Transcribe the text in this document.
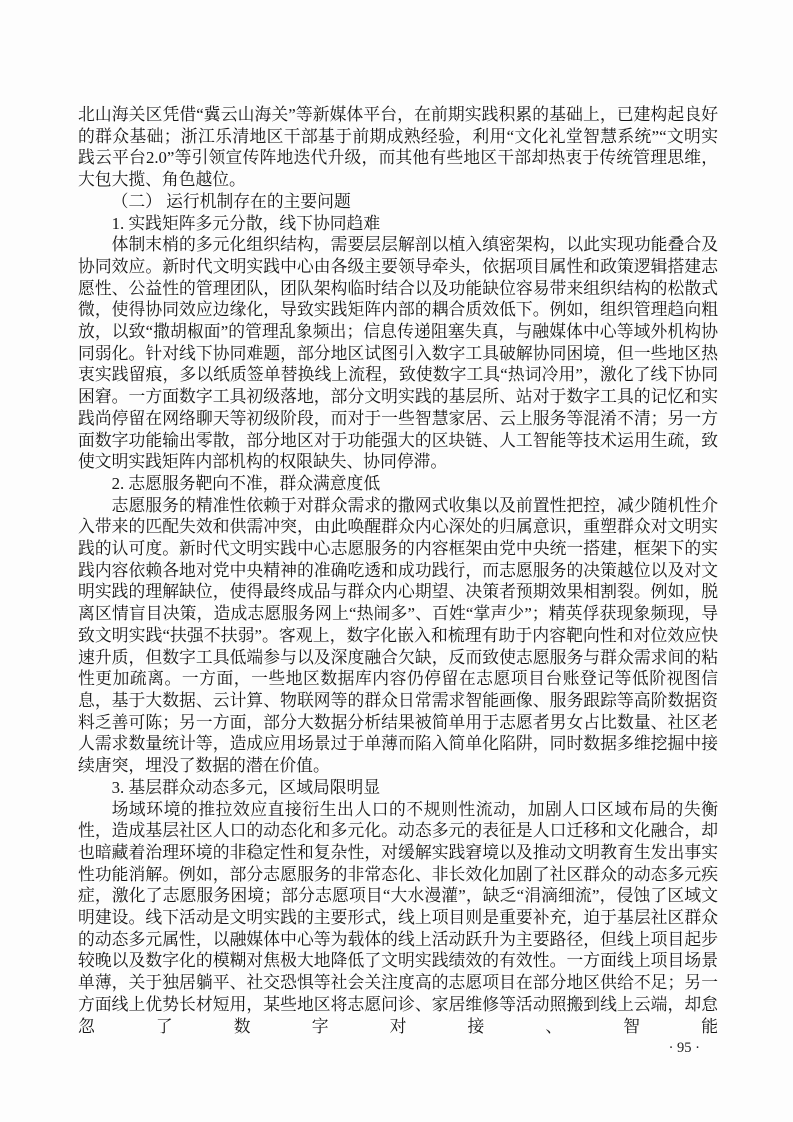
北山海关区凭借“冀云山海关”等新媒体平台，在前期实践积累的基础上，已建构起良好的群众基础；浙江乐清地区干部基于前期成熟经验，利用“文化礼堂智慧系统”“文明实践云平台2.0”等引领宣传阵地迭代升级，而其他有些地区干部却热衷于传统管理思维，大包大揽、角色越位。

（二） 运行机制存在的主要问题

1. 实践矩阵多元分散，线下协同趋难

体制末梢的多元化组织结构，需要层层解剖以植入缜密架构，以此实现功能叠合及协同效应。新时代文明实践中心由各级主要领导牵头，依据项目属性和政策逻辑搭建志愿性、公益性的管理团队，团队架构临时结合以及功能缺位容易带来组织结构的松散式微，使得协同效应边缘化，导致实践矩阵内部的耦合质效低下。例如，组织管理趋向粗放，以致“撒胡椒面”的管理乱象频出；信息传递阻塞失真，与融媒体中心等域外机构协同弱化。针对线下协同难题，部分地区试图引入数字工具破解协同困境，但一些地区热衷实践留痕，多以纸质签单替换线上流程，致使数字工具“热词冷用”，激化了线下协同困窘。一方面数字工具初级落地，部分文明实践的基层所、站对于数字工具的记忆和实践尚停留在网络聊天等初级阶段，而对于一些智慧家居、云上服务等混淆不清；另一方面数字功能输出零散，部分地区对于功能强大的区块链、人工智能等技术运用生疏，致使文明实践矩阵内部机构的权限缺失、协同停滞。

2. 志愿服务靶向不准，群众满意度低

志愿服务的精准性依赖于对群众需求的撒网式收集以及前置性把控，减少随机性介入带来的匹配失效和供需冲突，由此唤醒群众内心深处的归属意识，重塑群众对文明实践的认可度。新时代文明实践中心志愿服务的内容框架由党中央统一搭建，框架下的实践内容依赖各地对党中央精神的准确吃透和成功践行，而志愿服务的决策越位以及对文明实践的理解缺位，使得最终成品与群众内心期望、决策者预期效果相割裂。例如，脱离区情盲目决策，造成志愿服务网上“热闹多”、百姓“掌声少”；精英俘获现象频现，导致文明实践“扶强不扶弱”。客观上，数字化嵌入和梳理有助于内容靶向性和对位效应快速升质，但数字工具低端参与以及深度融合欠缺，反而致使志愿服务与群众需求间的粘性更加疏离。一方面，一些地区数据库内容仍停留在志愿项目台账登记等低阶视图信息，基于大数据、云计算、物联网等的群众日常需求智能画像、服务跟踪等高阶数据资料乏善可陈；另一方面，部分大数据分析结果被简单用于志愿者男女占比数量、社区老人需求数量统计等，造成应用场景过于单薄而陷入简单化陷阱，同时数据多维挖掘中接续唐突，埋没了数据的潜在价值。

3. 基层群众动态多元，区域局限明显

场域环境的推拉效应直接衍生出人口的不规则性流动，加剧人口区域布局的失衡性，造成基层社区人口的动态化和多元化。动态多元的表征是人口迁移和文化融合，却也暗藏着治理环境的非稳定性和复杂性，对缓解实践窘境以及推动文明教育生发出事实性功能消解。例如，部分志愿服务的非常态化、非长效化加剧了社区群众的动态多元疾症，激化了志愿服务困境；部分志愿项目“大水漫灌”，缺乏“涓滴细流”，侵蚀了区域文明建设。线下活动是文明实践的主要形式，线上项目则是重要补充，迫于基层社区群众的动态多元属性，以融媒体中心等为载体的线上活动跃升为主要路径，但线上项目起步较晚以及数字化的模糊对焦极大地降低了文明实践绩效的有效性。一方面线上项目场景单薄，关于独居躺平、社交恐惧等社会关注度高的志愿项目在部分地区供给不足；另一方面线上优势长材短用，某些地区将志愿问诊、家居维修等活动照搬到线上云端，却怠忽了数字对接、智能

· 95 ·
